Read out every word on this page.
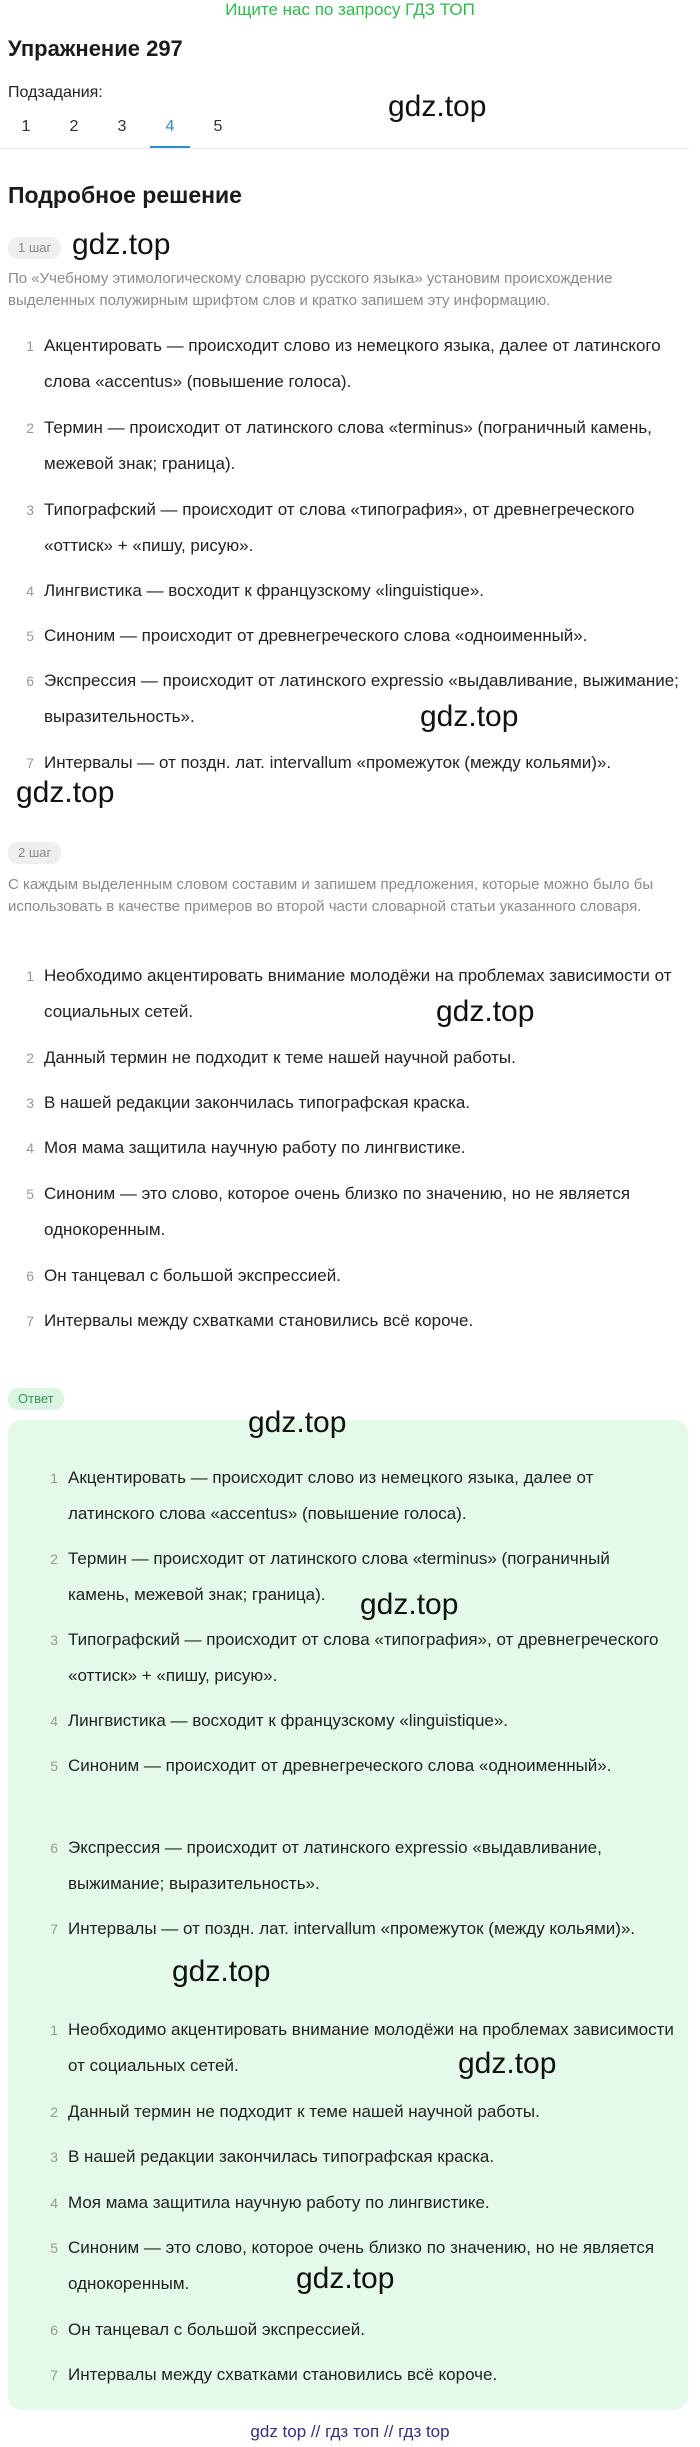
Ищите нас по запросу ГДЗ ТОП
Упражнение 297
Подзадания:
1	2	3	4	5
gdz.top
Подробное решение
1 шаг gdz.top
По «Учебному этимологическому словарю русского языка» установим происхождение выделенных полужирным шрифтом слов и кратко запишем эту информацию.
1 Акцентировать — происходит слово из немецкого языка, далее от латинского слова «accentus» (повышение голоса).
2 Термин — происходит от латинского слова «terminus» (пограничный камень, межевой знак; граница).
3 Типографский — происходит от слова «типография», от древнегреческого «оттиск» + «пишу, рисую».
4 Лингвистика — восходит к французскому «linguistique».
5 Синоним — происходит от древнегреческого слова «одноименный».
6 Экспрессия — происходит от латинского expressio «выдавливание, выжимание; выразительность».
7 Интервалы — от поздн. лат. intervallum «промежуток (между кольями)».
gdz.top
gdz.top
2 шаг
С каждым выделенным словом составим и запишем предложения, которые можно было бы использовать в качестве примеров во второй части словарной статьи указанного словаря.
1 Необходимо акцентировать внимание молодёжи на проблемах зависимости от социальных сетей.
2 Данный термин не подходит к теме нашей научной работы.
3 В нашей редакции закончилась типографская краска.
4 Моя мама защитила научную работу по лингвистике.
5 Синоним — это слово, которое очень близко по значению, но не является однокоренным.
6 Он танцевал с большой экспрессией.
7 Интервалы между схватками становились всё короче.
gdz.top
Ответ
1 Акцентировать — происходит слово из немецкого языка, далее от латинского слова «accentus» (повышение голоса).
2 Термин — происходит от латинского слова «terminus» (пограничный камень, межевой знак; граница).
3 Типографский — происходит от слова «типография», от древнегреческого «оттиск» + «пишу, рисую».
4 Лингвистика — восходит к французскому «linguistique».
5 Синоним — происходит от древнегреческого слова «одноименный».
6 Экспрессия — происходит от латинского expressio «выдавливание, выжимание; выразительность».
7 Интервалы — от поздн. лат. intervallum «промежуток (между кольями)».
1 Необходимо акцентировать внимание молодёжи на проблемах зависимости от социальных сетей.
2 Данный термин не подходит к теме нашей научной работы.
3 В нашей редакции закончилась типографская краска.
4 Моя мама защитила научную работу по лингвистике.
5 Синоним — это слово, которое очень близко по значению, но не является однокоренным.
6 Он танцевал с большой экспрессией.
7 Интервалы между схватками становились всё короче.
gdz.top
gdz.top
gdz.top
gdz.top
gdz.top
gdz top // гдз топ // гдз top
